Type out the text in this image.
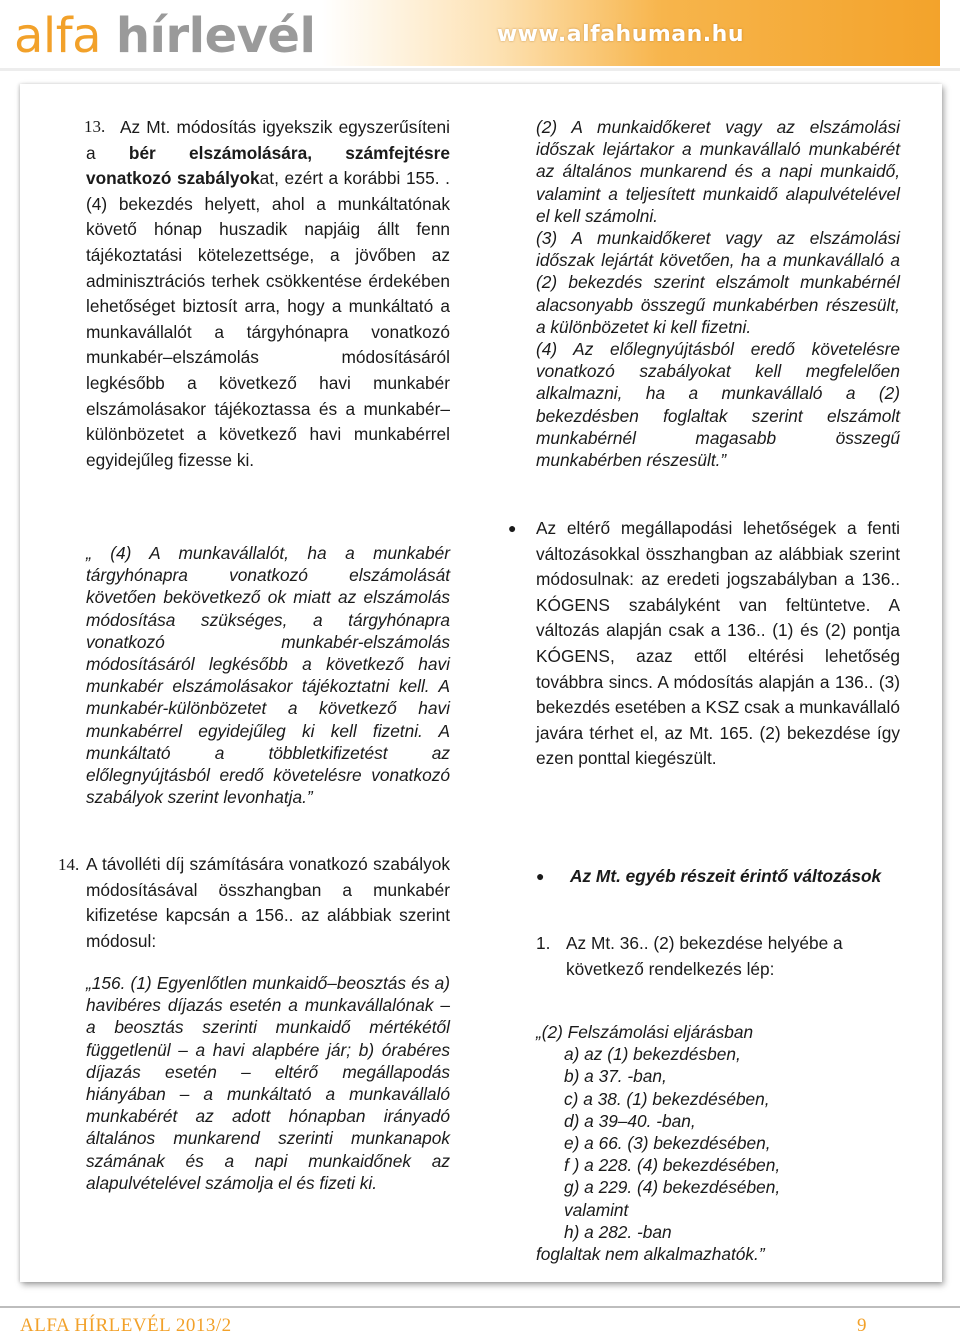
alfa hírlevél	www.alfahuman.hu
13. Az Mt. módosítás igyekszik egyszerűsíteni a bér elszámolására, számfejtésre vonatkozó szabályokat, ezért a korábbi 155. . (4) bekezdés helyett, ahol a munkáltatónak követő hónap huszadik napjáig állt fenn tájékoztatási kötelezettsége, a jövőben az adminisztrációs terhek csökkentése érdekében lehetőséget biztosít arra, hogy a munkáltató a munkavállalót a tárgyhónapra vonatkozó munkabér–elszámolás módosításáról legkésőbb a következő havi munkabér elszámolásakor tájékoztassa és a munkabér–különbözetet a következő havi munkabérrel egyidejűleg fizesse ki.

„ (4) A munkavállalót, ha a munkabér tárgyhónapra vonatkozó elszámolását követően bekövetkező ok miatt az elszámolás módosítása szükséges, a tárgyhónapra vonatkozó munkabér-elszámolás módosításáról legkésőbb a következő havi munkabér elszámolásakor tájékoztatni kell. A munkabér-különbözetet a következő havi munkabérrel egyidejűleg ki kell fizetni. A munkáltató a többletkifizetést az előlegnyújtásból eredő követelésre vonatkozó szabályok szerint levonhatja.”

14. A távolléti díj számítására vonatkozó szabályok módosításával összhangban a munkabér kifizetése kapcsán a 156.. az alábbiak szerint módosul:

„156. (1) Egyenlőtlen munkaidő–beosztás és a) havibéres díjazás esetén a munkavállalónak – a beosztás szerinti munkaidő mértékétől függetlenül – a havi alapbére jár; b) órabéres díjazás esetén – eltérő megállapodás hiányában – a munkáltató a munkavállaló munkabérét az adott hónapban irányadó általános munkarend szerinti munkanapok számának és a napi munkaidőnek az alapulvételével számolja el és fizeti ki.

(2) A munkaidőkeret vagy az elszámolási időszak lejártakor a munkavállaló munkabérét az általános munkarend és a napi munkaidő, valamint a teljesített munkaidő alapulvételével el kell számolni.

(3) A munkaidőkeret vagy az elszámolási időszak lejártát követően, ha a munkavállaló a (2) bekezdés szerint elszámolt munkabérnél alacsonyabb összegű munkabérben részesült, a különbözetet ki kell fizetni.

(4) Az előlegnyújtásból eredő követelésre vonatkozó szabályokat kell megfelelően alkalmazni, ha a munkavállaló a (2) bekezdésben foglaltak szerint elszámolt munkabérnél magasabb összegű munkabérben részesült.”

● Az eltérő megállapodási lehetőségek a fenti változásokkal összhangban az alábbiak szerint módosulnak: az eredeti jogszabályban a 136.. KÓGENS szabályként van feltüntetve. A változás alapján csak a 136.. (1) és (2) pontja KÓGENS, azaz ettől eltérési lehetőség továbbra sincs. A módosítás alapján a 136.. (3) bekezdés esetében a KSZ csak a munkavállaló javára térhet el, az Mt. 165. (2) bekezdése így ezen ponttal kiegészült.

● Az Mt. egyéb részeit érintő változások

1. Az Mt. 36.. (2) bekezdése helyébe a következő rendelkezés lép:

„(2) Felszámolási eljárásban
a) az (1) bekezdésben,
b) a 37. -ban,
c) a 38. (1) bekezdésében,
d) a 39–40. -ban,
e) a 66. (3) bekezdésében,
f ) a 228. (4) bekezdésében,
g) a 229. (4) bekezdésében,
valamint
h) a 282. -ban
foglaltak nem alkalmazhatók.”
ALFA HÍRLEVÉL 2013/2	9
